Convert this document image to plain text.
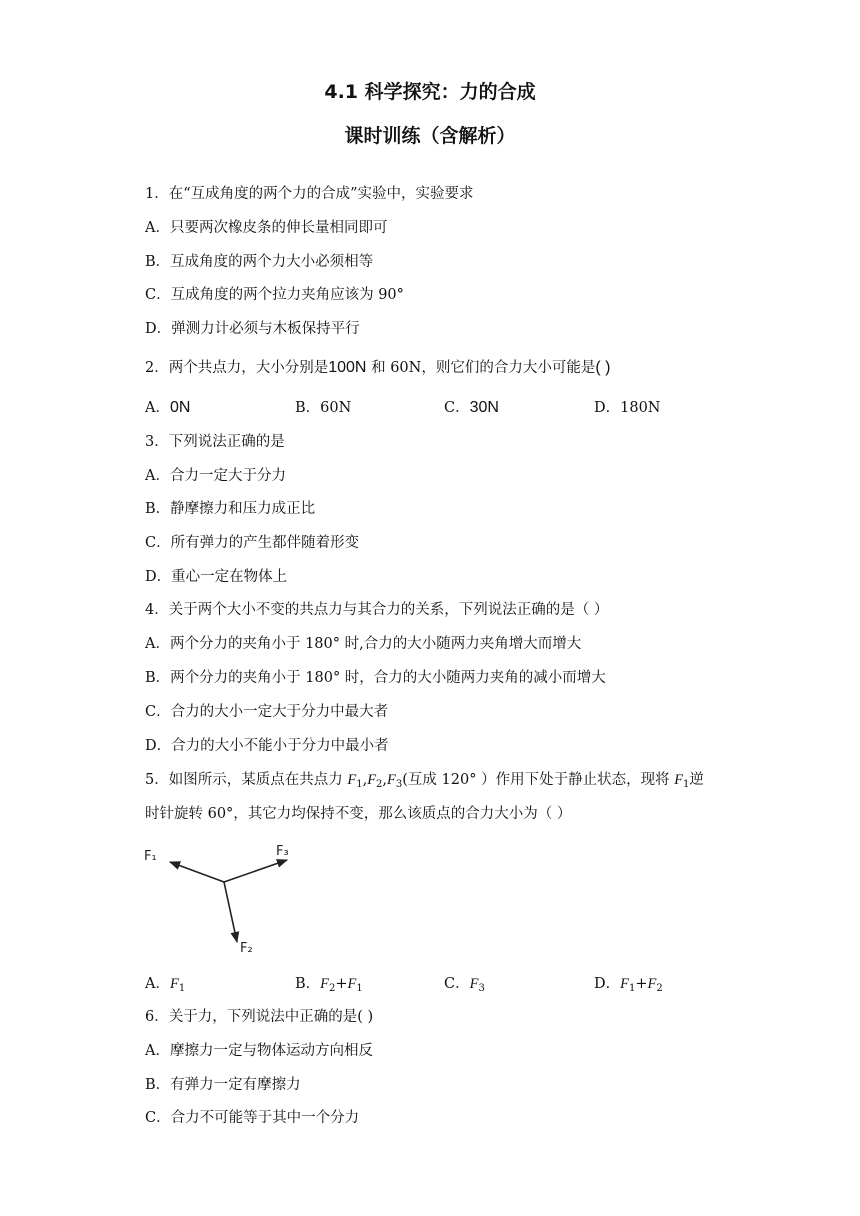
4.1 科学探究：力的合成
课时训练（含解析）
1．在“互成角度的两个力的合成”实验中，实验要求
A．只要两次橡皮条的伸长量相同即可
B．互成角度的两个力大小必须相等
C．互成角度的两个拉力夹角应该为 90°
D．弹测力计必须与木板保持平行
2．两个共点力，大小分别是100N 和 60N，则它们的合力大小可能是( )
A．0N	B．60N	C．30N	D．180N
3．下列说法正确的是
A．合力一定大于分力
B．静摩擦力和压力成正比
C．所有弹力的产生都伴随着形变
D．重心一定在物体上
4．关于两个大小不变的共点力与其合力的关系，下列说法正确的是（ ）
A．两个分力的夹角小于 180° 时,合力的大小随两力夹角增大而增大
B．两个分力的夹角小于 180° 时，合力的大小随两力夹角的减小而增大
C．合力的大小一定大于分力中最大者
D．合力的大小不能小于分力中最小者
5．如图所示，某质点在共点力 $F_1,F_2,F_3$(互成 120° ）作用下处于静止状态，现将 $F_1$逆
时针旋转 60°，其它力均保持不变，那么该质点的合力大小为（ ）
F₁	F₃
F₂
A．$F_1$	B．$F_2+F_1$	C．$F_3$	D．$F_1+F_2$
6．关于力，下列说法中正确的是( )
A．摩擦力一定与物体运动方向相反
B．有弹力一定有摩擦力
C．合力不可能等于其中一个分力
